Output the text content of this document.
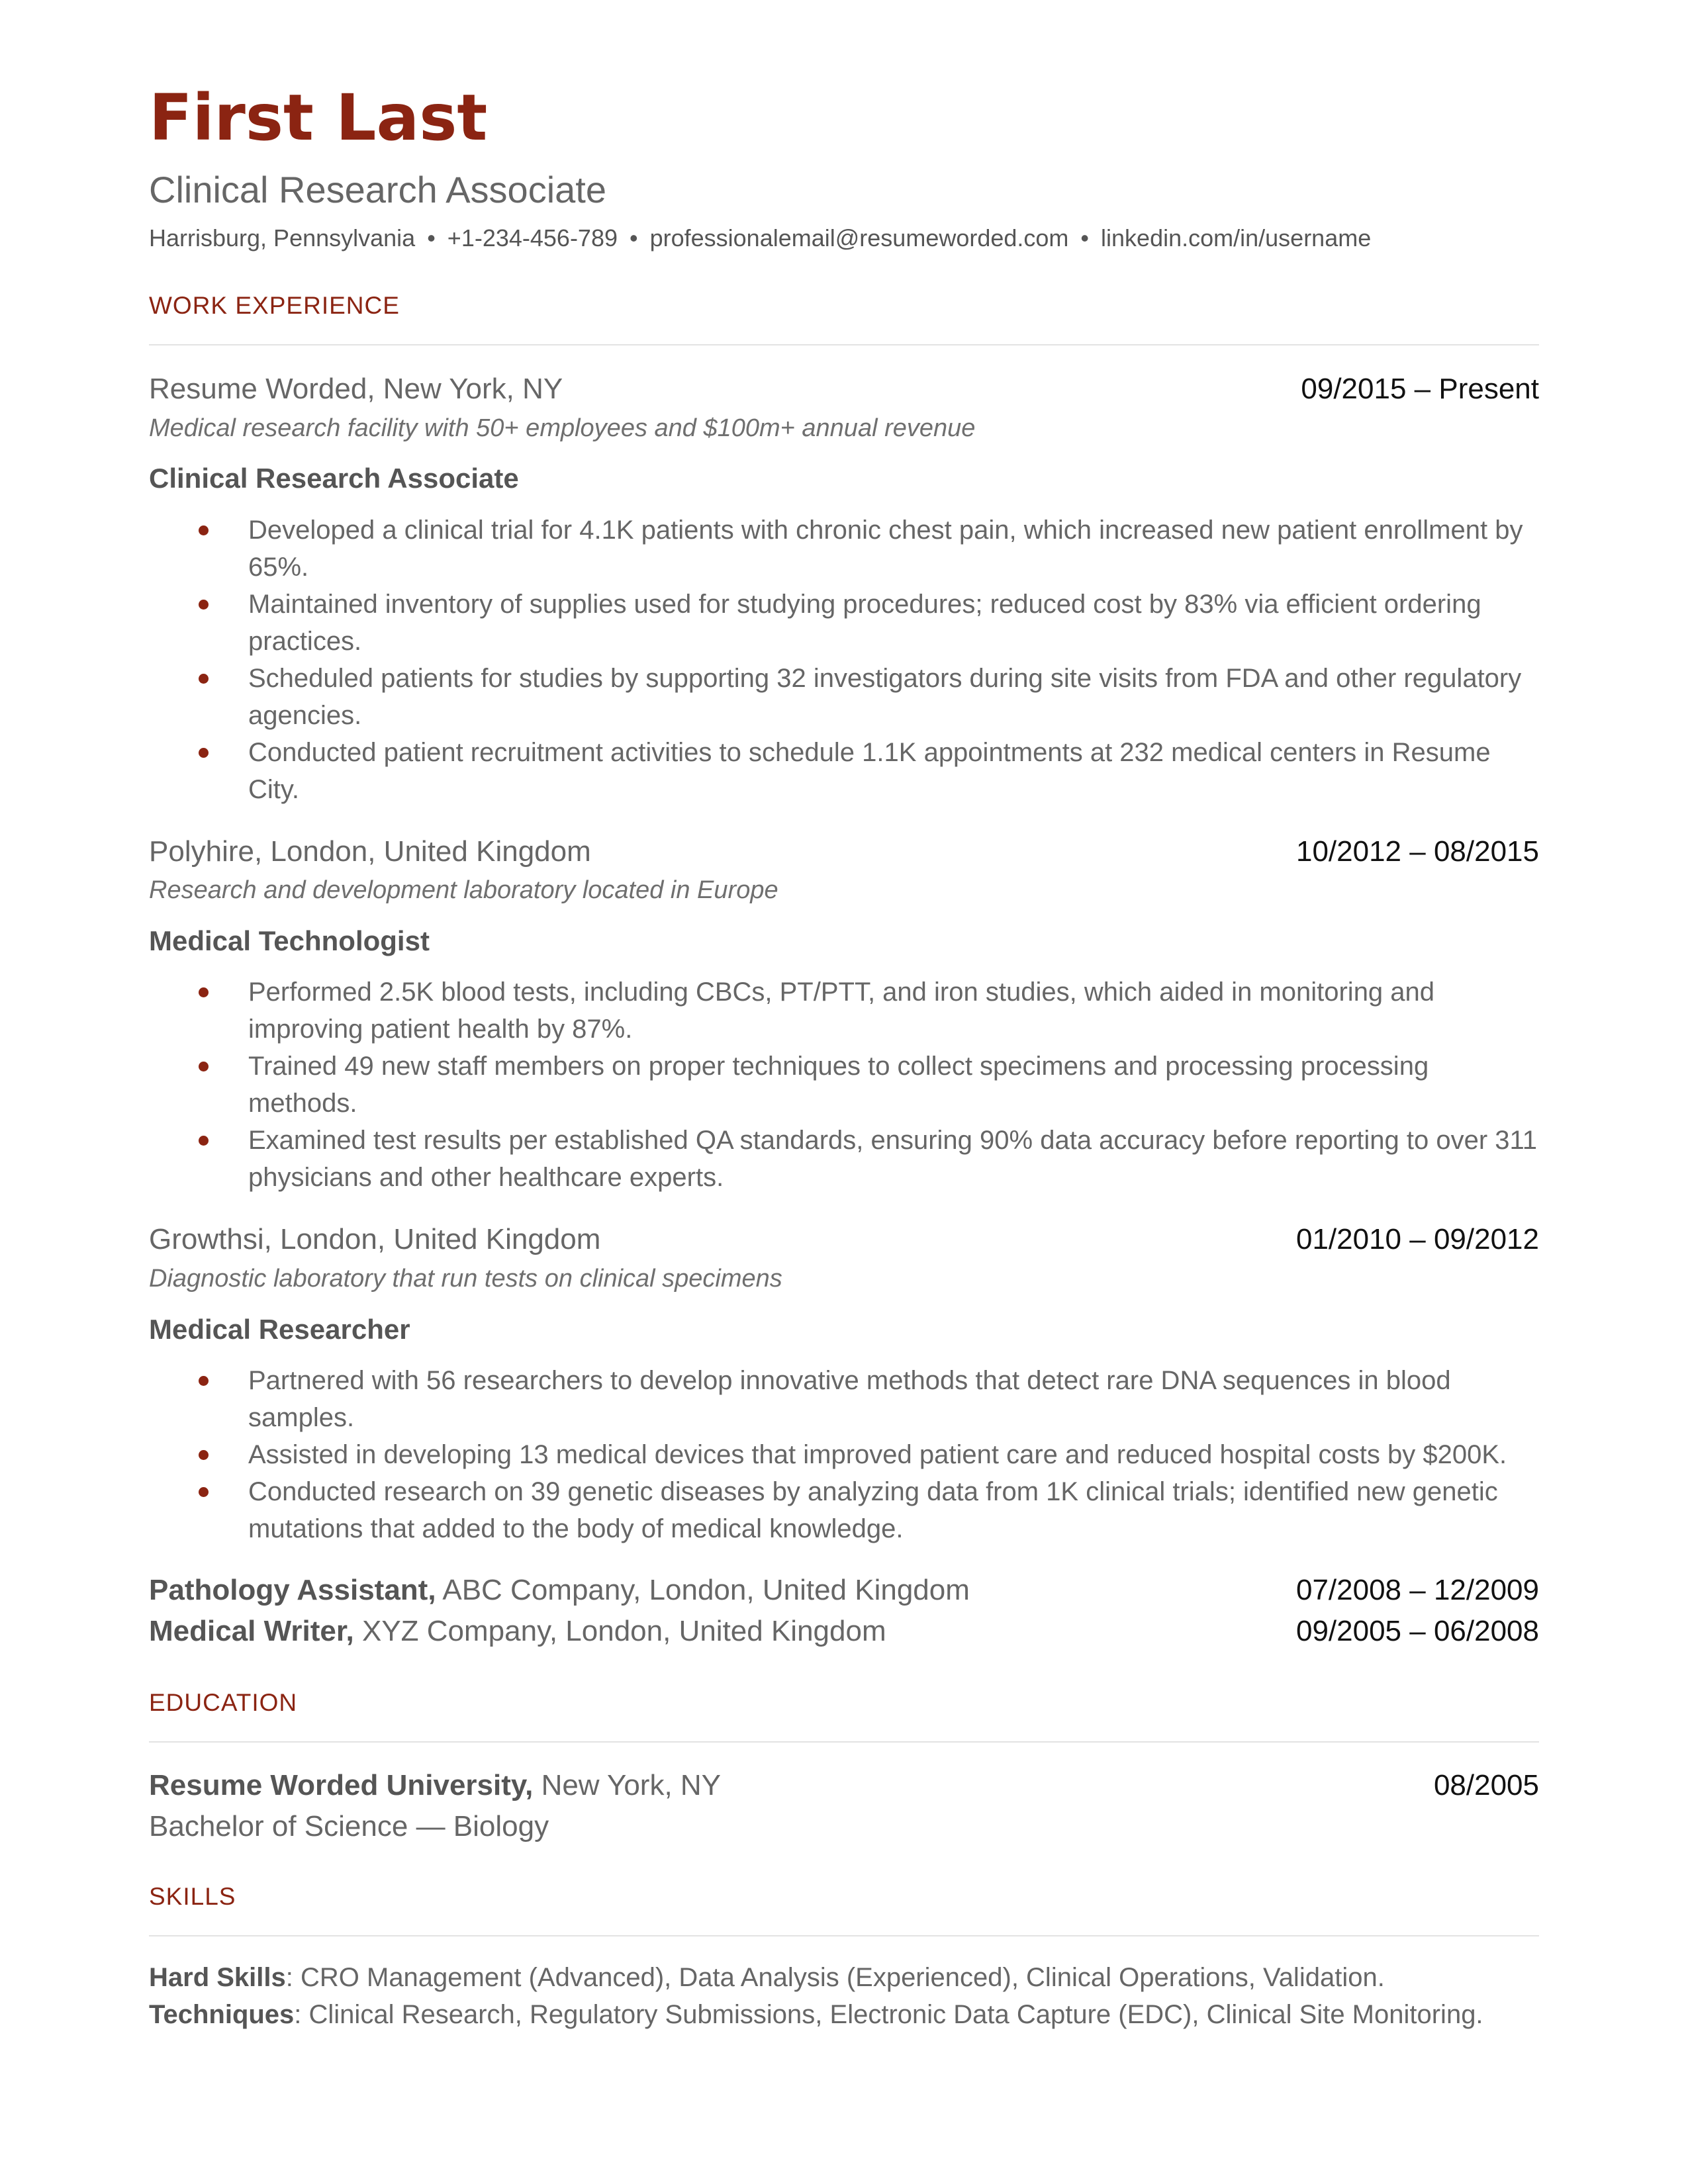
First Last
Clinical Research Associate
Harrisburg, Pennsylvania • +1-234-456-789 • professionalemail@resumeworded.com • linkedin.com/in/username
WORK EXPERIENCE
Resume Worded, New York, NY	09/2015 – Present
Medical research facility with 50+ employees and $100m+ annual revenue
Clinical Research Associate
Developed a clinical trial for 4.1K patients with chronic chest pain, which increased new patient enrollment by 65%.
Maintained inventory of supplies used for studying procedures; reduced cost by 83% via efficient ordering practices.
Scheduled patients for studies by supporting 32 investigators during site visits from FDA and other regulatory agencies.
Conducted patient recruitment activities to schedule 1.1K appointments at 232 medical centers in Resume City.
Polyhire, London, United Kingdom	10/2012 – 08/2015
Research and development laboratory located in Europe
Medical Technologist
Performed 2.5K blood tests, including CBCs, PT/PTT, and iron studies, which aided in monitoring and improving patient health by 87%.
Trained 49 new staff members on proper techniques to collect specimens and processing processing methods.
Examined test results per established QA standards, ensuring 90% data accuracy before reporting to over 311 physicians and other healthcare experts.
Growthsi, London, United Kingdom	01/2010 – 09/2012
Diagnostic laboratory that run tests on clinical specimens
Medical Researcher
Partnered with 56 researchers to develop innovative methods that detect rare DNA sequences in blood samples.
Assisted in developing 13 medical devices that improved patient care and reduced hospital costs by $200K.
Conducted research on 39 genetic diseases by analyzing data from 1K clinical trials; identified new genetic mutations that added to the body of medical knowledge.
Pathology Assistant, ABC Company, London, United Kingdom	07/2008 – 12/2009
Medical Writer, XYZ Company, London, United Kingdom	09/2005 – 06/2008
EDUCATION
Resume Worded University, New York, NY	08/2005
Bachelor of Science — Biology
SKILLS
Hard Skills: CRO Management (Advanced), Data Analysis (Experienced), Clinical Operations, Validation.
Techniques: Clinical Research, Regulatory Submissions, Electronic Data Capture (EDC), Clinical Site Monitoring.
